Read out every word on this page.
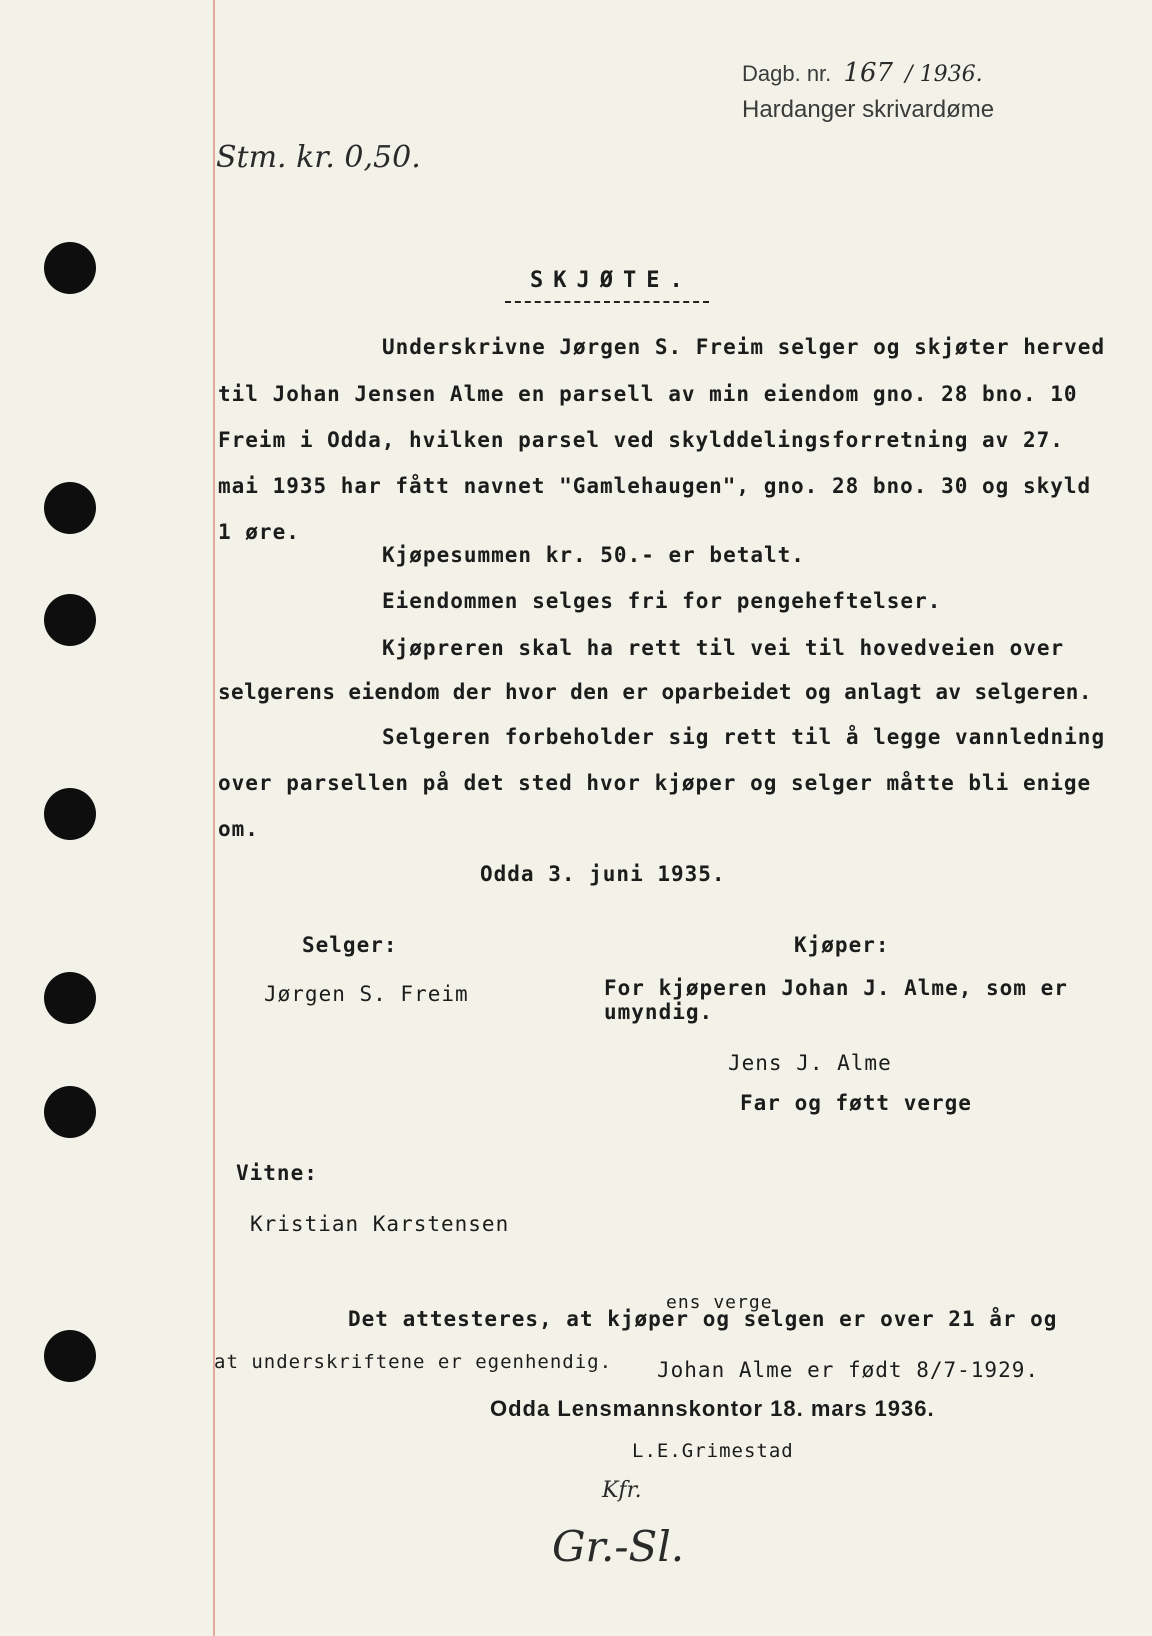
Dagb. nr. 167 / 1936.
Hardanger skrivardøme
Stm. kr. 0,50.
SKJØTE.
Underskrivne Jørgen S. Freim selger og skjøter herved
til Johan Jensen Alme en parsell av min eiendom gno. 28 bno. 10
Freim i Odda, hvilken parsel ved skylddelingsforretning av 27.
mai 1935 har fått navnet "Gamlehaugen", gno. 28 bno. 30 og skyld
1 øre.
Kjøpesummen kr. 50.- er betalt.
Eiendommen selges fri for pengeheftelser.
Kjøpreren skal ha rett til vei til hovedveien over
selgerens eiendom der hvor den er oparbeidet og anlagt av selgeren.
Selgeren forbeholder sig rett til å legge vannledning
over parsellen på det sted hvor kjøper og selger måtte bli enige
om.
Odda 3. juni 1935.
Selger:	Kjøper:
Jørgen S. Freim	For kjøperen Johan J. Alme, som er
umyndig.
Jens J. Alme
Far og føtt verge
Vitne:
Kristian Karstensen
ens verge
Det attesteres, at kjøper og selgen er over 21 år og
at underskriftene er egenhendig. Johan Alme er født 8/7-1929.
Odda Lensmannskontor 18. mars 1936.
L.E.Grimestad
Kfr.
Gr.-Sl.
